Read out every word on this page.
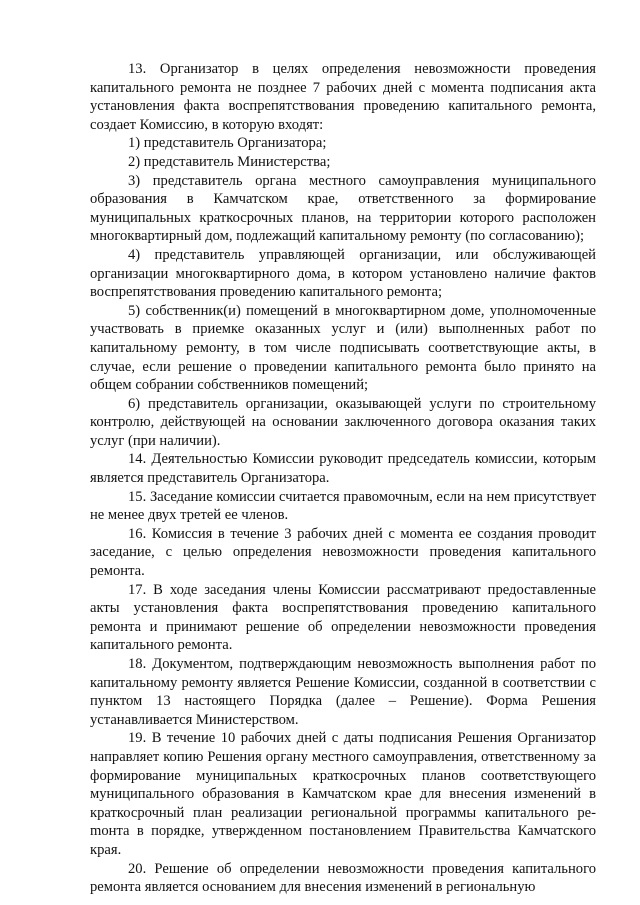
13. Организатор в целях определения невозможности проведения капитального ремонта не позднее 7 рабочих дней с момента подписания акта установления факта воспрепятствования проведению капитального ремонта, создает Комиссию, в которую входят:

1) представитель Организатора;

2) представитель Министерства;

3) представитель органа местного самоуправления муниципального образования в Камчатском крае, ответственного за формирование муниципальных краткосрочных планов, на территории которого расположен многоквартирный дом, подлежащий капитальному ремонту (по согласованию);

4) представитель управляющей организации, или обслуживающей организации многоквартирного дома, в котором установлено наличие фактов воспрепятствования проведению капитального ремонта;

5) собственник(и) помещений в многоквартирном доме, уполномоченные участвовать в приемке оказанных услуг и (или) выполненных работ по капитальному ремонту, в том числе подписывать соответствующие акты, в случае, если решение о проведении капитального ремонта было принято на общем собрании собственников помещений;

6) представитель организации, оказывающей услуги по строительному контролю, действующей на основании заключенного договора оказания таких услуг (при наличии).

14. Деятельностью Комиссии руководит председатель комиссии, которым является представитель Организатора.

15. Заседание комиссии считается правомочным, если на нем присутствует не менее двух третей ее членов.

16. Комиссия в течение 3 рабочих дней с момента ее создания проводит заседание, с целью определения невозможности проведения капитального ремонта.

17. В ходе заседания члены Комиссии рассматривают предоставленные акты установления факта воспрепятствования проведению капитального ремонта и принимают решение об определении невозможности проведения капитального ремонта.

18. Документом, подтверждающим невозможность выполнения работ по капитальному ремонту является Решение Комиссии, созданной в соответствии с пунктом 13 настоящего Порядка (далее – Решение). Форма Решения устанавливается Министерством.

19. В течение 10 рабочих дней с даты подписания Решения Организатор направляет копию Решения органу местного самоуправления, ответственному за формирование муниципальных краткосрочных планов соответствующего муниципального образования в Камчатском крае для внесения изменений в краткосрочный план реализации региональной программы капитального реmонта в порядке, утвержденном постановлением Правительства Камчатского края.

20. Решение об определении невозможности проведения капитального ремонта является основанием для внесения изменений в региональную
